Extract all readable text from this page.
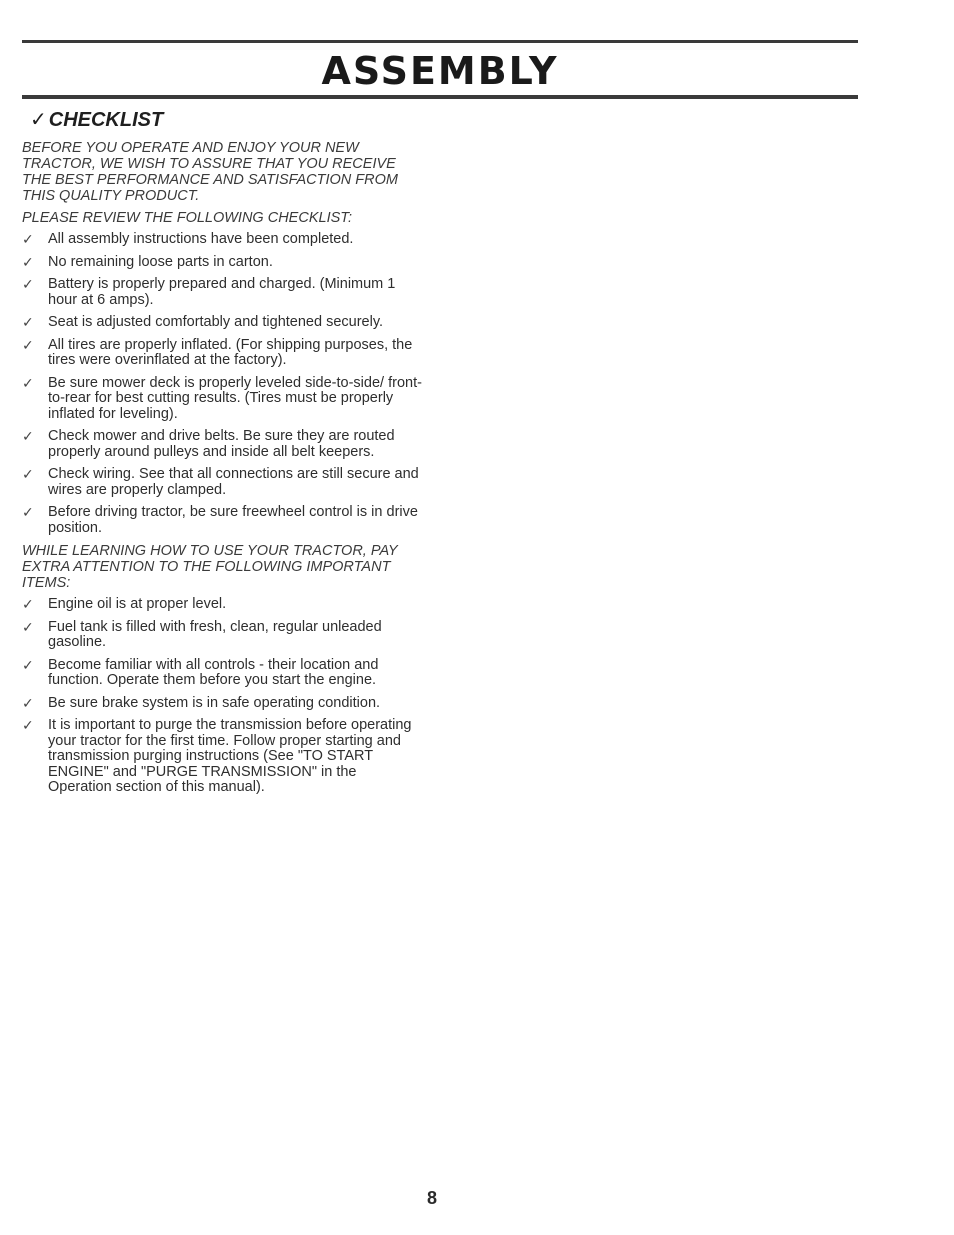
ASSEMBLY
✓ CHECKLIST

BEFORE YOU OPERATE AND ENJOY YOUR NEW TRACTOR, WE WISH TO ASSURE THAT YOU RECEIVE THE BEST PERFORMANCE AND SATISFACTION FROM THIS QUALITY PRODUCT.

PLEASE REVIEW THE FOLLOWING CHECKLIST:

✓ All assembly instructions have been completed.
✓ No remaining loose parts in carton.
✓ Battery is properly prepared and charged. (Minimum 1 hour at 6 amps).
✓ Seat is adjusted comfortably and tightened securely.
✓ All tires are properly inflated. (For shipping purposes, the tires were overinflated at the factory).
✓ Be sure mower deck is properly leveled side-to-side/ front-to-rear for best cutting results. (Tires must be properly inflated for leveling).
✓ Check mower and drive belts. Be sure they are routed properly around pulleys and inside all belt keepers.
✓ Check wiring. See that all connections are still secure and wires are properly clamped.
✓ Before driving tractor, be sure freewheel control is in drive position.

WHILE LEARNING HOW TO USE YOUR TRACTOR, PAY EXTRA ATTENTION TO THE FOLLOWING IMPORTANT ITEMS:

✓ Engine oil is at proper level.
✓ Fuel tank is filled with fresh, clean, regular unleaded gasoline.
✓ Become familiar with all controls - their location and function. Operate them before you start the engine.
✓ Be sure brake system is in safe operating condition.
✓ It is important to purge the transmission before operating your tractor for the first time. Follow proper starting and transmission purging instructions (See "TO START ENGINE" and "PURGE TRANSMISSION" in the Operation section of this manual).
8
